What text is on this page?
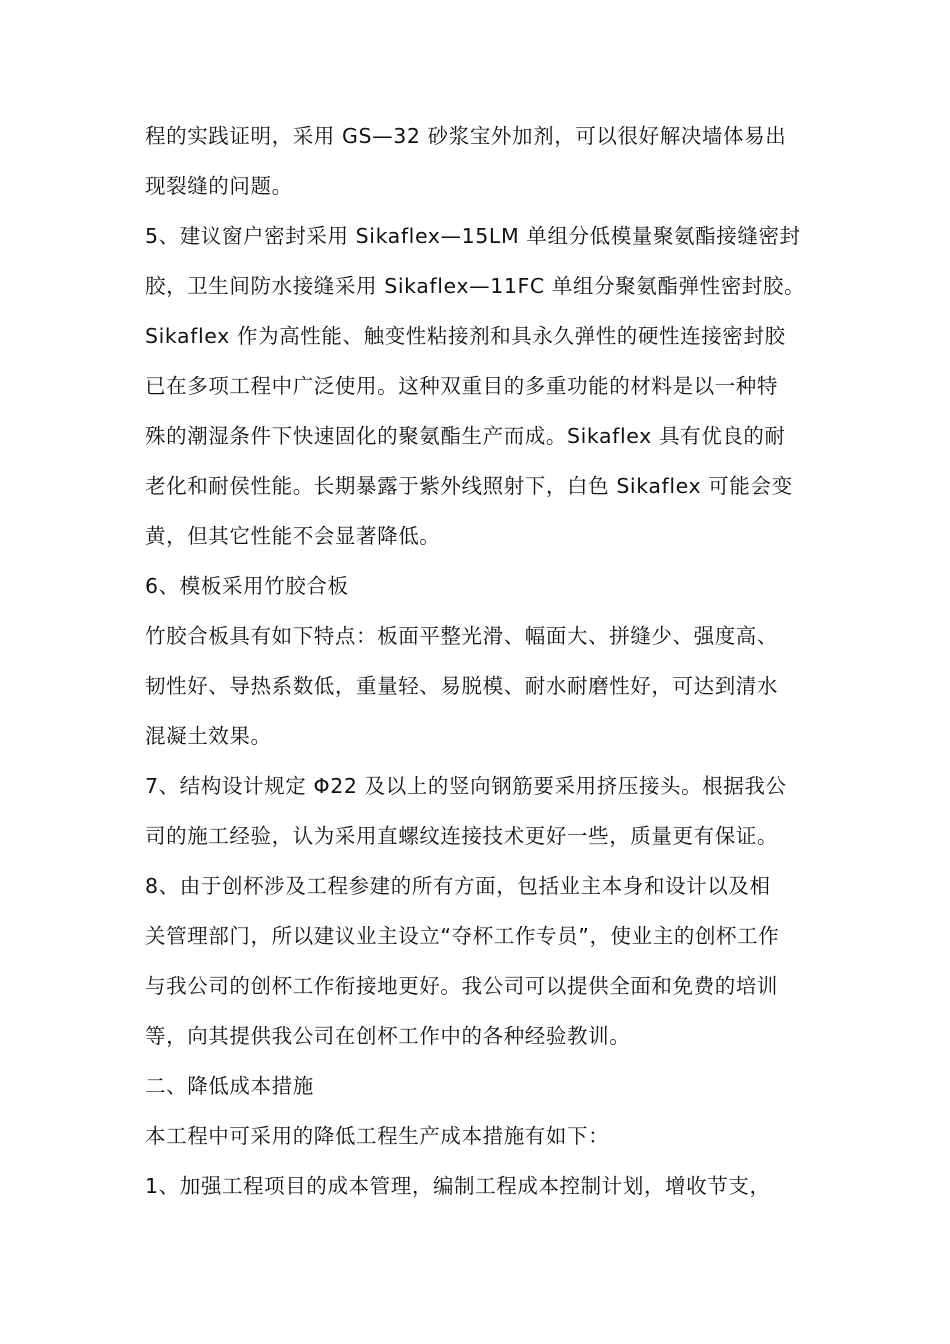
程的实践证明，采用 GS—32 砂浆宝外加剂，可以很好解决墙体易出

现裂缝的问题。

5、建议窗户密封采用 Sikaflex—15LM 单组分低模量聚氨酯接缝密封

胶，卫生间防水接缝采用 Sikaflex—11FC 单组分聚氨酯弹性密封胶。

Sikaflex 作为高性能、触变性粘接剂和具永久弹性的硬性连接密封胶

已在多项工程中广泛使用。这种双重目的多重功能的材料是以一种特

殊的潮湿条件下快速固化的聚氨酯生产而成。Sikaflex 具有优良的耐

老化和耐侯性能。长期暴露于紫外线照射下，白色 Sikaflex 可能会变

黄，但其它性能不会显著降低。

6、模板采用竹胶合板

竹胶合板具有如下特点：板面平整光滑、幅面大、拼缝少、强度高、

韧性好、导热系数低，重量轻、易脱模、耐水耐磨性好，可达到清水

混凝土效果。

7、结构设计规定 Φ22 及以上的竖向钢筋要采用挤压接头。根据我公

司的施工经验，认为采用直螺纹连接技术更好一些，质量更有保证。

8、由于创杯涉及工程参建的所有方面，包括业主本身和设计以及相

关管理部门，所以建议业主设立“夺杯工作专员”，使业主的创杯工作

与我公司的创杯工作衔接地更好。我公司可以提供全面和免费的培训

等，向其提供我公司在创杯工作中的各种经验教训。

二、降低成本措施

本工程中可采用的降低工程生产成本措施有如下：

1、加强工程项目的成本管理，编制工程成本控制计划，增收节支，
